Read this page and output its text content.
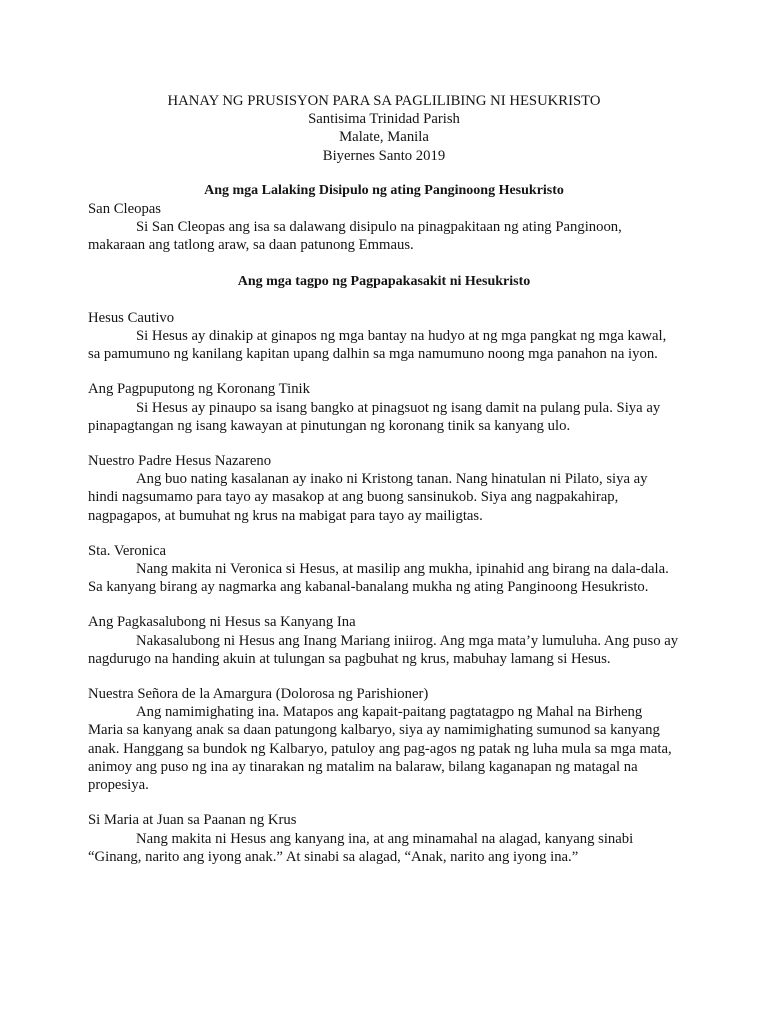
HANAY NG PRUSISYON PARA SA PAGLILIBING NI HESUKRISTO
Santisima Trinidad Parish
Malate, Manila
Biyernes Santo 2019
Ang mga Lalaking Disipulo ng ating Panginoong Hesukristo
San Cleopas
Si San Cleopas ang isa sa dalawang disipulo na pinagpakitaan ng ating Panginoon, makaraan ang tatlong araw, sa daan patunong Emmaus.
Ang mga tagpo ng Pagpapakasakit ni Hesukristo
Hesus Cautivo
Si Hesus ay dinakip at ginapos ng mga bantay na hudyo at ng mga pangkat ng mga kawal, sa pamumuno ng kanilang kapitan upang dalhin sa mga namumuno noong mga panahon na iyon.
Ang Pagpuputong ng Koronang Tinik
Si Hesus ay pinaupo sa isang bangko at pinagsuot ng isang damit na pulang pula. Siya ay pinapagtangan ng isang kawayan at pinutungan ng koronang tinik sa kanyang ulo.
Nuestro Padre Hesus Nazareno
Ang buo nating kasalanan ay inako ni Kristong tanan. Nang hinatulan ni Pilato, siya ay hindi nagsumamo para tayo ay masakop at ang buong sansinukob. Siya ang nagpakahirap, nagpagapos, at bumuhat ng krus na mabigat para tayo ay mailigtas.
Sta. Veronica
Nang makita ni Veronica si Hesus, at masilip ang mukha, ipinahid ang birang na dala-dala. Sa kanyang birang ay nagmarka ang kabanal-banalang mukha ng ating Panginoong Hesukristo.
Ang Pagkasalubong ni Hesus sa Kanyang Ina
Nakasalubong ni Hesus ang Inang Mariang iniirog. Ang mga mata’y lumuluha. Ang puso ay nagdurugo na handing akuin at tulungan sa pagbuhat ng krus, mabuhay lamang si Hesus.
Nuestra Señora de la Amargura (Dolorosa ng Parishioner)
Ang namimighating ina. Matapos ang kapait-paitang pagtatagpo ng Mahal na Birheng Maria sa kanyang anak sa daan patungong kalbaryo, siya ay namimighating sumunod sa kanyang anak. Hanggang sa bundok ng Kalbaryo, patuloy ang pag-agos ng patak ng luha mula sa mga mata, animoy ang puso ng ina ay tinarakan ng matalim na balaraw, bilang kaganapan ng matagal na propesiya.
Si Maria at Juan sa Paanan ng Krus
Nang makita ni Hesus ang kanyang ina, at ang minamahal na alagad, kanyang sinabi “Ginang, narito ang iyong anak.” At sinabi sa alagad, “Anak, narito ang iyong ina.”
